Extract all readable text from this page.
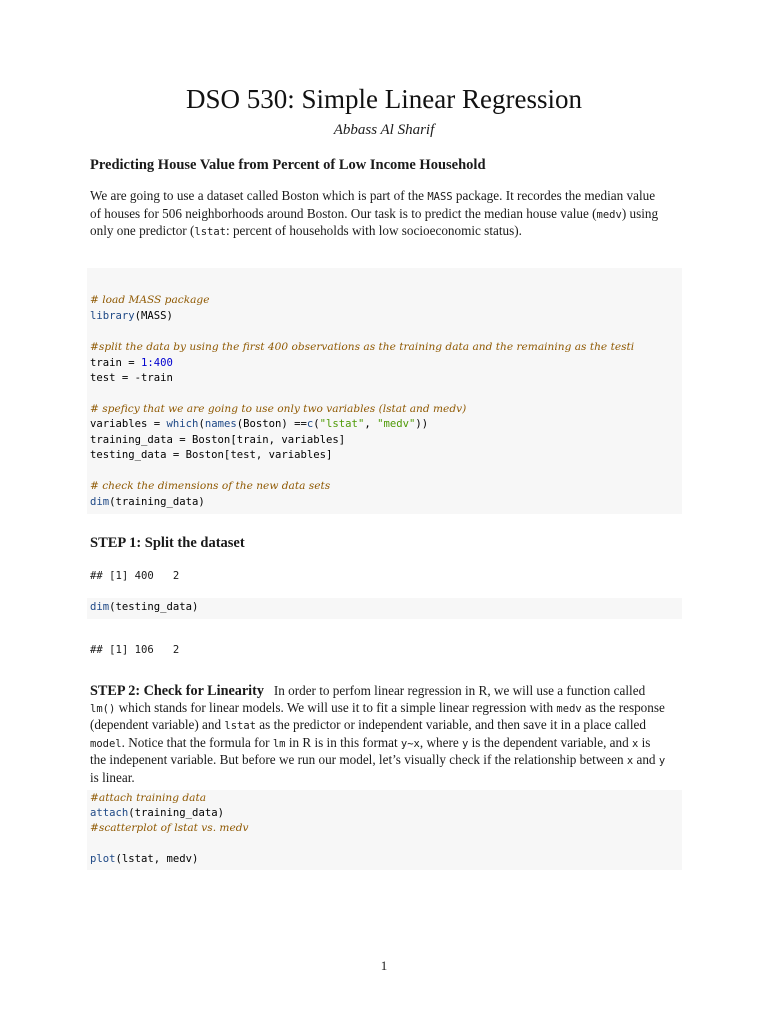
DSO 530: Simple Linear Regression
Abbass Al Sharif
Predicting House Value from Percent of Low Income Household
We are going to use a dataset called Boston which is part of the MASS package. It recordes the median value
of houses for 506 neighborhoods around Boston. Our task is to predict the median house value (medv) using
only one predictor (lstat: percent of households with low socioeconomic status).
# load MASS package
library(MASS)
#split the data by using the first 400 observations as the training data and the remaining as the testi
train = 1:400
test = -train
# speficy that we are going to use only two variables (lstat and medv)
variables = which(names(Boston) ==c("lstat", "medv"))
training_data = Boston[train, variables]
testing_data = Boston[test, variables]
# check the dimensions of the new data sets
dim(training_data)
STEP 1: Split the dataset
## [1] 400   2
dim(testing_data)
## [1] 106   2
STEP 2: Check for Linearity In order to perfom linear regression in R, we will use a function called
lm() which stands for linear models. We will use it to fit a simple linear regression with medv as the response
(dependent variable) and lstat as the predictor or independent variable, and then save it in a place called
model. Notice that the formula for lm in R is in this format y~x, where y is the dependent variable, and x is
the indepenent variable. But before we run our model, let’s visually check if the relationship between x and y
is linear.
#attach training data
attach(training_data)
#scatterplot of lstat vs. medv
plot(lstat, medv)
1
